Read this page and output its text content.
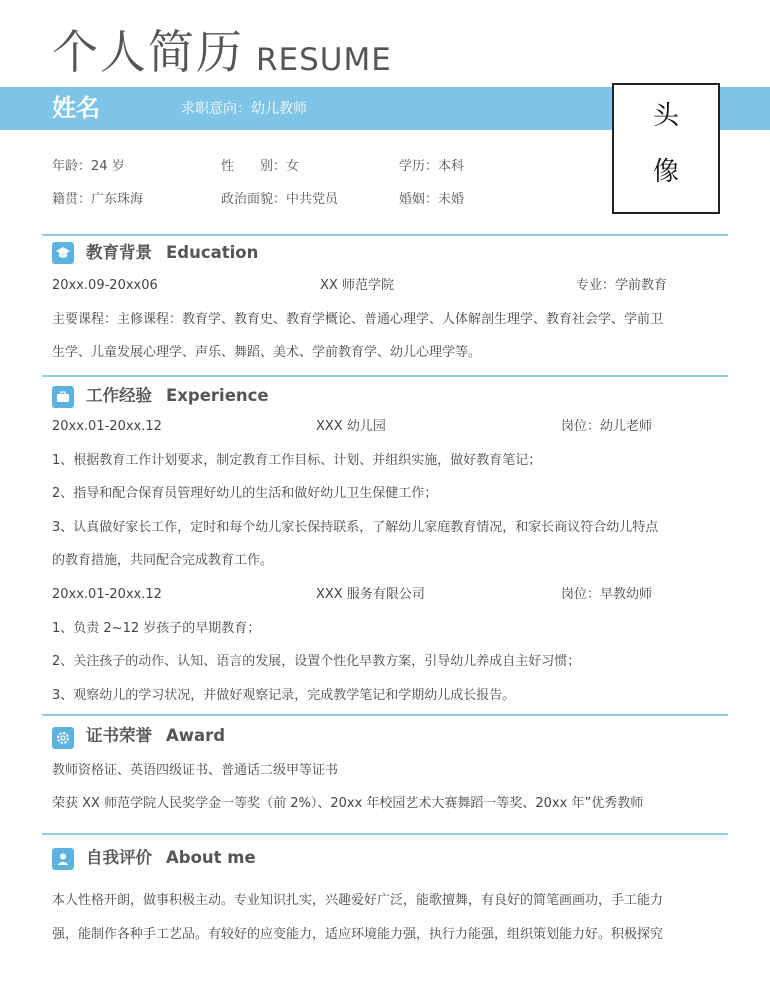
个人简历 RESUME
姓名	求职意向：幼儿教师	头
像
年龄：24 岁	性　　别：女	学历：本科
籍贯：广东珠海	政治面貌：中共党员	婚姻：未婚
教育背景 Education
20xx.09-20xx06	XX 师范学院	专业：学前教育
主要课程：主修课程：教育学、教育史、教育学概论、普通心理学、人体解剖生理学、教育社会学、学前卫
生学、儿童发展心理学、声乐、舞蹈、美术、学前教育学、幼儿心理学等。
工作经验 Experience
20xx.01-20xx.12	XXX 幼儿园	岗位：幼儿老师
1、根据教育工作计划要求，制定教育工作目标、计划、并组织实施，做好教育笔记；
2、指导和配合保育员管理好幼儿的生活和做好幼儿卫生保健工作；
3、认真做好家长工作，定时和每个幼儿家长保持联系，了解幼儿家庭教育情况，和家长商议符合幼儿特点
的教育措施，共同配合完成教育工作。
20xx.01-20xx.12	XXX 服务有限公司	岗位：早教幼师
1、负责 2~12 岁孩子的早期教育；
2、关注孩子的动作、认知、语言的发展，设置个性化早教方案，引导幼儿养成自主好习惯；
3、观察幼儿的学习状况，并做好观察记录，完成教学笔记和学期幼儿成长报告。
证书荣誉 Award
教师资格证、英语四级证书、普通话二级甲等证书
荣获 XX 师范学院人民奖学金一等奖（前 2%）、20xx 年校园艺术大赛舞蹈一等奖、20xx 年”优秀教师
自我评价 About me
本人性格开朗，做事积极主动。专业知识扎实，兴趣爱好广泛，能歌擅舞，有良好的简笔画画功，手工能力
强，能制作各种手工艺品。有较好的应变能力，适应环境能力强，执行力能强，组织策划能力好。积极探究
